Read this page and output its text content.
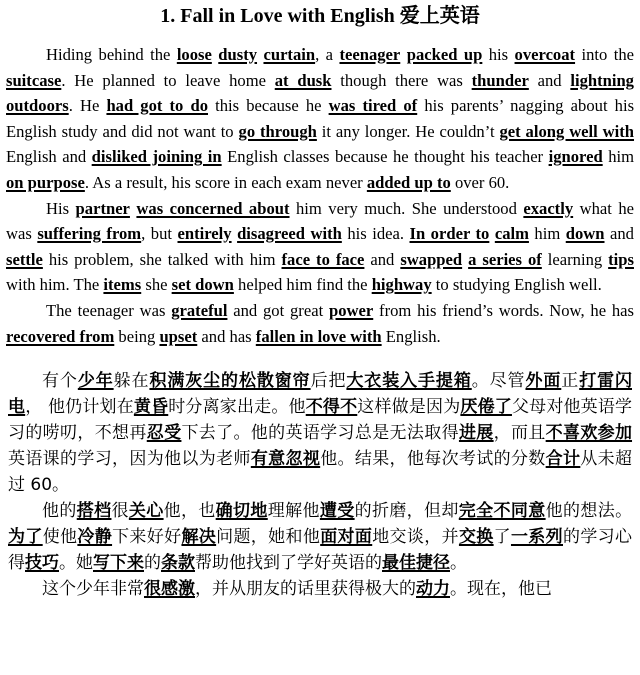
1. Fall in Love with English 爱上英语

Hiding behind the loose dusty curtain, a teenager packed up his overcoat into the suitcase. He planned to leave home at dusk though there was thunder and lightning outdoors. He had got to do this because he was tired of his parents’ nagging about his English study and did not want to go through it any longer. He couldn’t get along well with English and disliked joining in English classes because he thought his teacher ignored him on purpose. As a result, his score in each exam never added up to over 60.

His partner was concerned about him very much. She understood exactly what he was suffering from, but entirely disagreed with his idea. In order to calm him down and settle his problem, she talked with him face to face and swapped a series of learning tips with him. The items she set down helped him find the highway to studying English well.

The teenager was grateful and got great power from his friend’s words. Now, he has recovered from being upset and has fallen in love with English.

有个少年躲在积满灰尘的松散窗帘后把大衣装入手提箱。尽管外面正打雷闪电， 他仍计划在黄昏时分离家出走。他不得不这样做是因为厌倦了父母对他英语学习的唠叨，不想再忍受下去了。他的英语学习总是无法取得进展，而且不喜欢参加英语课的学习，因为他以为老师有意忽视他。结果，他每次考试的分数合计从未超过 60。

他的搭档很关心他，也确切地理解他遭受的折磨，但却完全不同意他的想法。为了使他冷静下来好好解决问题，她和他面对面地交谈，并交换了一系列的学习心得技巧。她写下来的条款帮助他找到了学好英语的最佳捷径。

这个少年非常很感激，并从朋友的话里获得极大的动力。现在，他已
